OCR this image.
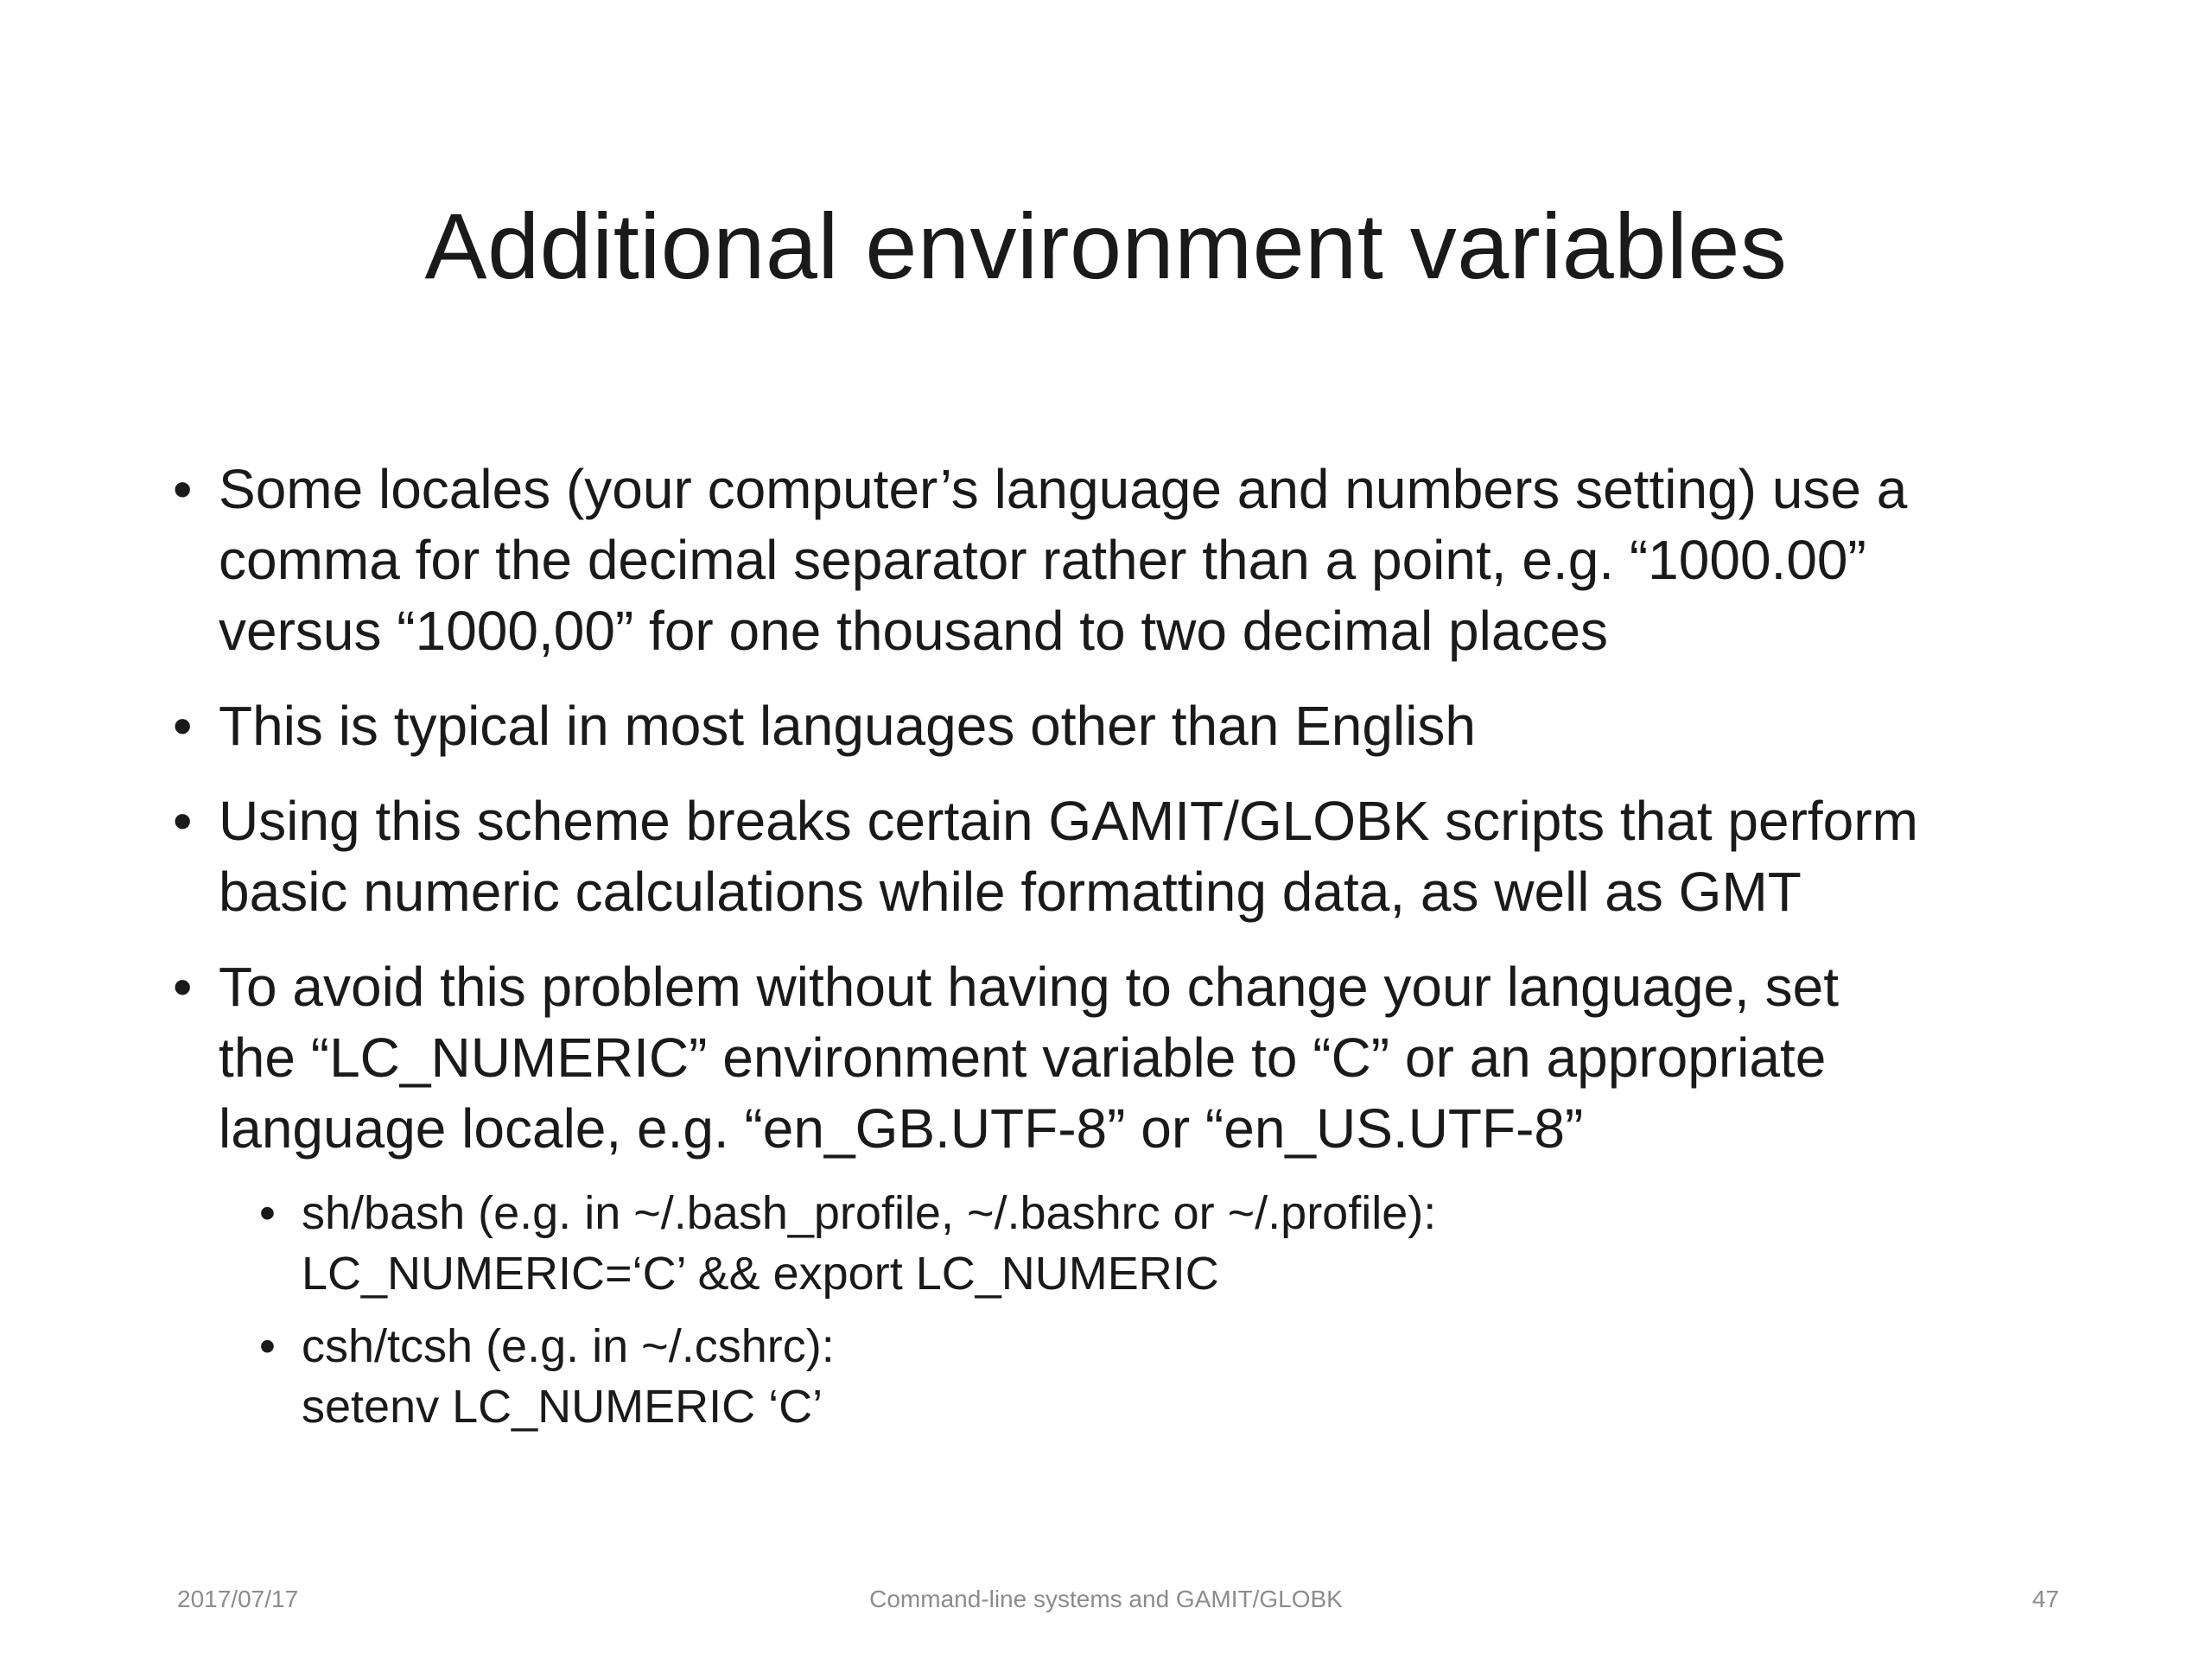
Additional environment variables
• Some locales (your computer’s language and numbers setting) use a
comma for the decimal separator rather than a point, e.g. “1000.00”
versus “1000,00” for one thousand to two decimal places
• This is typical in most languages other than English
• Using this scheme breaks certain GAMIT/GLOBK scripts that perform
basic numeric calculations while formatting data, as well as GMT
• To avoid this problem without having to change your language, set
the “LC_NUMERIC” environment variable to “C” or an appropriate
language locale, e.g. “en_GB.UTF-8” or “en_US.UTF-8”
• sh/bash (e.g. in ~/.bash_profile, ~/.bashrc or ~/.profile):
LC_NUMERIC=‘C’ && export LC_NUMERIC
• csh/tcsh (e.g. in ~/.cshrc):
setenv LC_NUMERIC ‘C’
2017/07/17	Command-line systems and GAMIT/GLOBK	47
